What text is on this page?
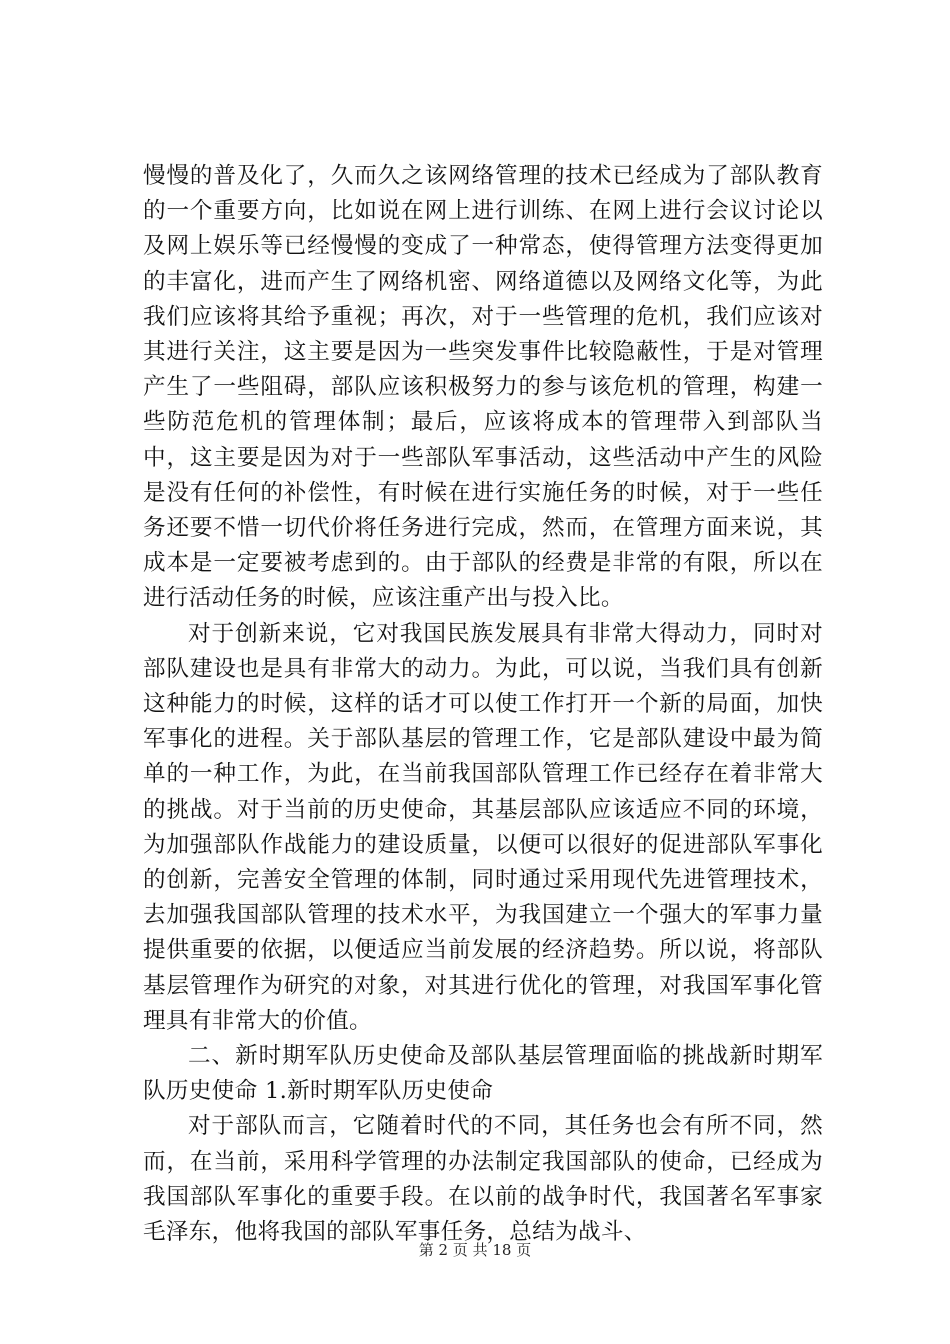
慢慢的普及化了，久而久之该网络管理的技术已经成为了部队教育的一个重要方向，比如说在网上进行训练、在网上进行会议讨论以及网上娱乐等已经慢慢的变成了一种常态，使得管理方法变得更加的丰富化，进而产生了网络机密、网络道德以及网络文化等，为此我们应该将其给予重视；再次，对于一些管理的危机，我们应该对其进行关注，这主要是因为一些突发事件比较隐蔽性，于是对管理产生了一些阻碍，部队应该积极努力的参与该危机的管理，构建一些防范危机的管理体制；最后，应该将成本的管理带入到部队当中，这主要是因为对于一些部队军事活动，这些活动中产生的风险是没有任何的补偿性，有时候在进行实施任务的时候，对于一些任务还要不惜一切代价将任务进行完成，然而，在管理方面来说，其成本是一定要被考虑到的。由于部队的经费是非常的有限，所以在进行活动任务的时候，应该注重产出与投入比。

对于创新来说，它对我国民族发展具有非常大得动力，同时对部队建设也是具有非常大的动力。为此，可以说，当我们具有创新这种能力的时候，这样的话才可以使工作打开一个新的局面，加快军事化的进程。关于部队基层的管理工作，它是部队建设中最为简单的一种工作，为此，在当前我国部队管理工作已经存在着非常大的挑战。对于当前的历史使命，其基层部队应该适应不同的环境，为加强部队作战能力的建设质量，以便可以很好的促进部队军事化的创新，完善安全管理的体制，同时通过采用现代先进管理技术，去加强我国部队管理的技术水平，为我国建立一个强大的军事力量提供重要的依据，以便适应当前发展的经济趋势。所以说，将部队基层管理作为研究的对象，对其进行优化的管理，对我国军事化管理具有非常大的价值。

二、新时期军队历史使命及部队基层管理面临的挑战新时期军队历史使命 1.新时期军队历史使命

对于部队而言，它随着时代的不同，其任务也会有所不同，然而，在当前，采用科学管理的办法制定我国部队的使命，已经成为我国部队军事化的重要手段。在以前的战争时代，我国著名军事家毛泽东，他将我国的部队军事任务，总结为战斗、

第 2 页 共 18 页
